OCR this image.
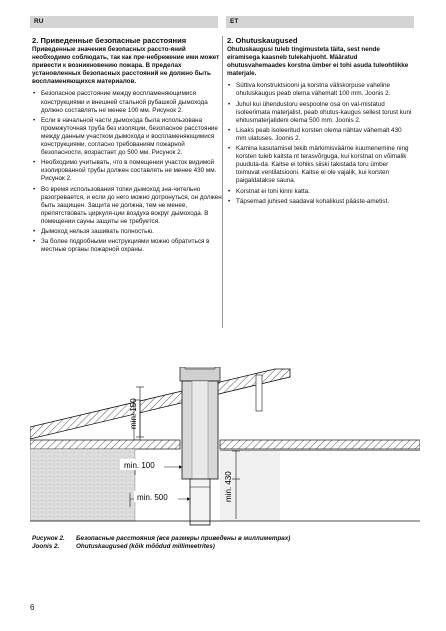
RU	ET
2. Приведенные безопасные расстояния
Приведенные значения безопасных рассто-яний необходимо соблюдать, так как пре-небрежение ими может привести к возникновению пожара. В пределах установленных безопасных расстояний не должно быть воспламеняющихся материалов.
• Безопасное расстояние между воспламеняющимися конструкциями и внешней стальной рубашкой дымохода должно составлять не менее 100 мм. Рисунок 2.
• Если в начальной части дымохода была использована промежуточная труба без изоляции, безопасное расстояние между данным участком дымохода и воспламеняющимися конструкциями, согласно требованиям пожарной безопасности, возрастает до 500 мм. Рисунок 2.
• Необходимо учитывать, что в помещении участок видимой изолированной трубы должен составлять не менее 430 мм. Рисунок 2.
• Во время использования топки дымоход зна-чительно разогревается, и если до него можно дотронуться, он должен быть защищен. Защита не должна, тем не менее, препятствовать циркуля-ции воздуха вокруг дымохода. В помещении сауны защиты не требуется.
• Дымоход нельзя зашивать полностью.
• За более подробными инструкциями можно обратиться в местные органы пожарной охраны.
2. Ohutuskaugused
Ohutuskaugusi tuleb tingimusteta täita, sest nende eiramisega kaasneb tulekahjuoht. Määratud ohutusvahemaades korstna ümber ei tohi asuda tuleohtlikke materjale.
• Süttiva konstruktsiooni ja korstna väliskorpuse vaheline ohutuskaugus peab olema vähemalt 100 mm. Joonis 2.
• Juhul kui ühendustoru eespoolne osa on val-mistatud isoleerimata materjalist, peab ohutus-kaugus sellest torust kuni ehitusmaterjalideni olema 500 mm. Joonis 2.
• Lisaks peab isoleeritud korsten olema nähtav vähemalt 430 mm ulatuses. Joonis 2.
• Kamina kasutamisel tekib märkimisväärne kuumenemine ning korsten tuleb kaitsta nt terasvõrguga, kui korstnat on võimalik puuduta-da. Kaitse ei tohiks siiski takistada toru ümber toimuvat ventilatsiooni. Kaitse ei ole vajalik, kui korsten paigaldatakse sauna.
• Korstnat ei tohi kinni katta.
• Täpsemad juhised saadaval kohalikust pääste-ametist.
min. 150
min. 100
min. 430
min. 500
Рисунок 2. Безопасные расстояния (все размеры приведены в миллиметрах)
Joonis 2.	Ohutuskaugused (kõik mõõdud millimeetrites)
6
